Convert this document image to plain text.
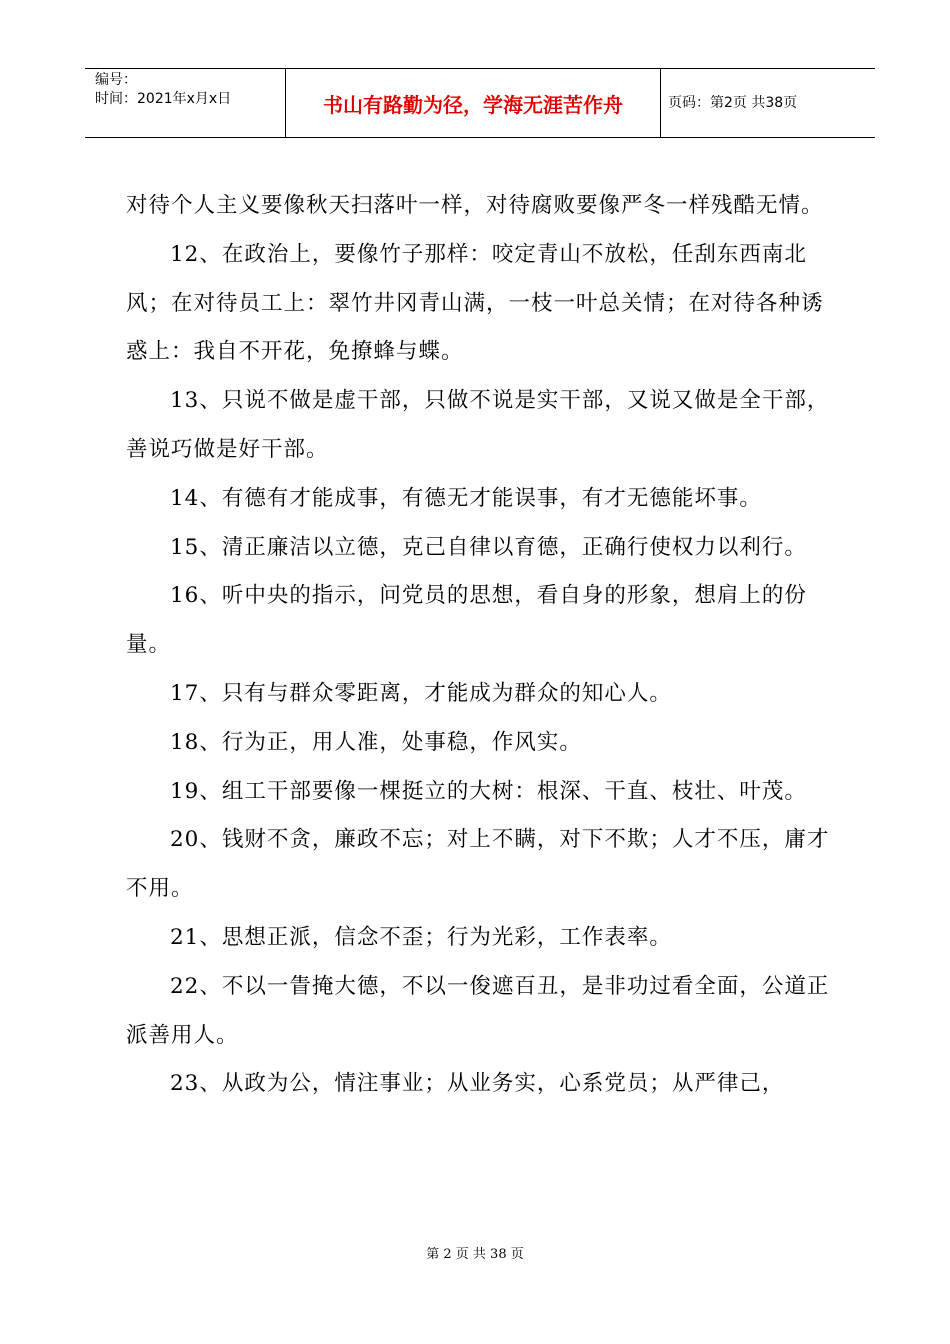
编号：
时间：2021年x月x日	书山有路勤为径，学海无涯苦作舟	页码：第2页 共38页

对待个人主义要像秋天扫落叶一样，对待腐败要像严冬一样残酷无情。

12、在政治上，要像竹子那样：咬定青山不放松，任刮东西南北风；在对待员工上：翠竹井冈青山满，一枝一叶总关情；在对待各种诱惑上：我自不开花，免撩蜂与蝶。

13、只说不做是虚干部，只做不说是实干部，又说又做是全干部，善说巧做是好干部。

14、有德有才能成事，有德无才能误事，有才无德能坏事。

15、清正廉洁以立德，克己自律以育德，正确行使权力以利行。

16、听中央的指示，问党员的思想，看自身的形象，想肩上的份量。

17、只有与群众零距离，才能成为群众的知心人。

18、行为正，用人准，处事稳，作风实。

19、组工干部要像一棵挺立的大树：根深、干直、枝壮、叶茂。

20、钱财不贪，廉政不忘；对上不瞒，对下不欺；人才不压，庸才不用。

21、思想正派，信念不歪；行为光彩，工作表率。

22、不以一眚掩大德，不以一俊遮百丑，是非功过看全面，公道正派善用人。

23、从政为公，情注事业；从业务实，心系党员；从严律己，

第 2 页 共 38 页
